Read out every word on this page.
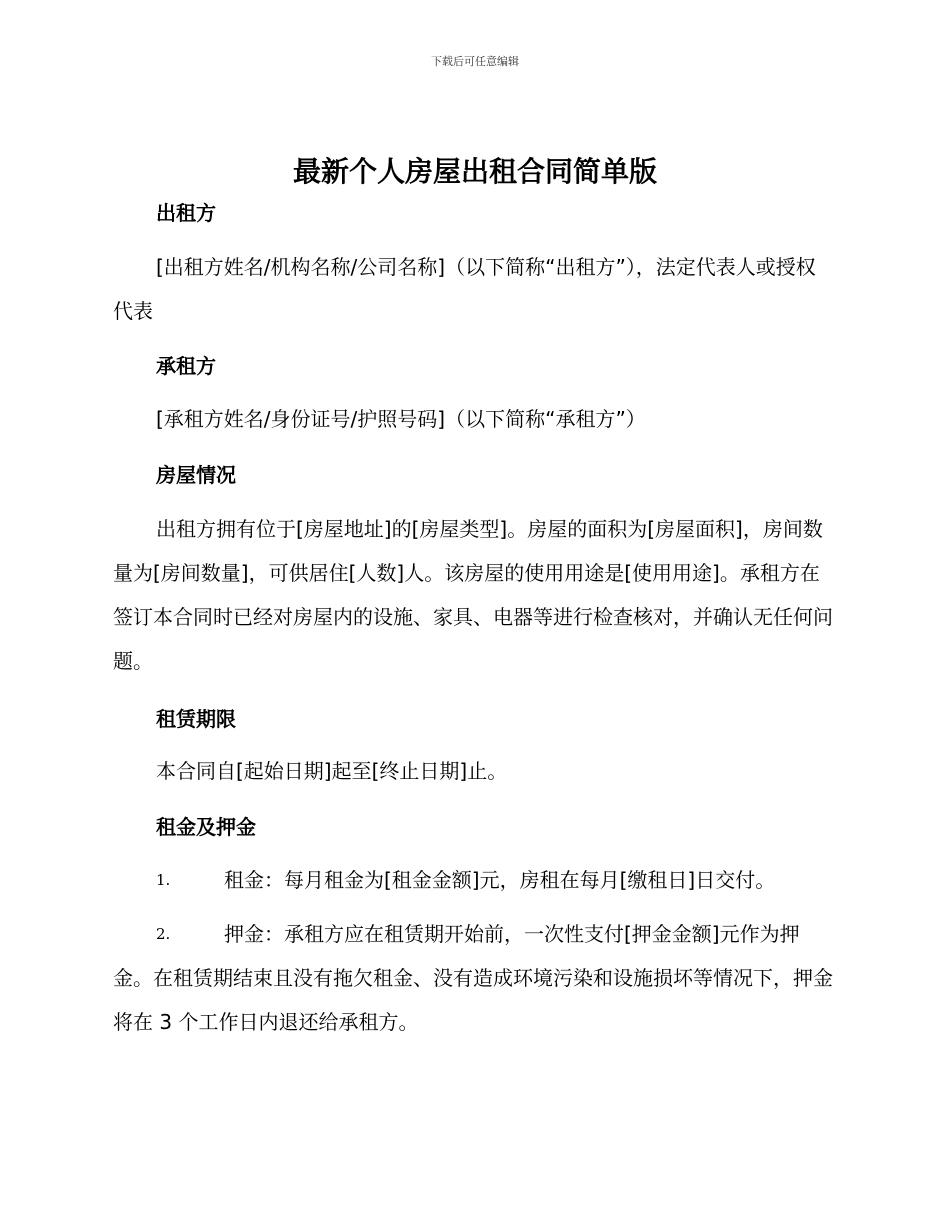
下载后可任意编辑
最新个人房屋出租合同简单版
出租方

[出租方姓名/机构名称/公司名称]（以下简称“出租方”），法定代表人或授权代表

承租方

[承租方姓名/身份证号/护照号码]（以下简称“承租方”）

房屋情况

出租方拥有位于[房屋地址]的[房屋类型]。房屋的面积为[房屋面积]，房间数量为[房间数量]，可供居住[人数]人。该房屋的使用用途是[使用用途]。承租方在签订本合同时已经对房屋内的设施、家具、电器等进行检查核对，并确认无任何问题。

租赁期限

本合同自[起始日期]起至[终止日期]止。

租金及押金
1.	租金：每月租金为[租金金额]元，房租在每月[缴租日]日交付。
2.	押金：承租方应在租赁期开始前，一次性支付[押金金额]元作为押金。在租赁期结束且没有拖欠租金、没有造成环境污染和设施损坏等情况下，押金将在 3 个工作日内退还给承租方。
